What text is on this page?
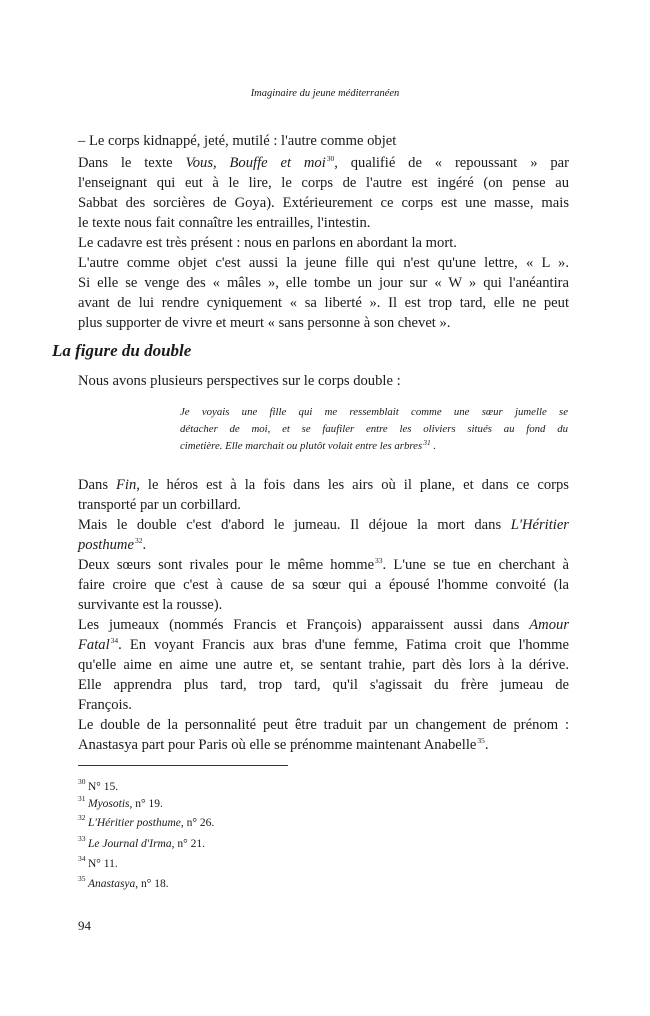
Imaginaire du jeune méditerranéen
– Le corps kidnappé, jeté, mutilé : l'autre comme objet
Dans le texte Vous, Bouffe et moi$^{30}$, qualifié de « repoussant » par
l'enseignant qui eut à le lire, le corps de l'autre est ingéré (on pense au
Sabbat des sorcières de Goya). Extérieurement ce corps est une masse, mais
le texte nous fait connaître les entrailles, l'intestin.
Le cadavre est très présent : nous en parlons en abordant la mort.
L'autre comme objet c'est aussi la jeune fille qui n'est qu'une lettre, « L ».
Si elle se venge des « mâles », elle tombe un jour sur « W » qui l'anéantira
avant de lui rendre cyniquement « sa liberté ». Il est trop tard, elle ne peut
plus supporter de vivre et meurt « sans personne à son chevet ».
La figure du double
Nous avons plusieurs perspectives sur le corps double :
Je voyais une fille qui me ressemblait comme une sœur jumelle se
détacher de moi, et se faufiler entre les oliviers situés au fond du
cimetière. Elle marchait ou plutôt volait entre les arbres$^{31}$ .
Dans Fin, le héros est à la fois dans les airs où il plane, et dans ce corps
transporté par un corbillard.
Mais le double c'est d'abord le jumeau. Il déjoue la mort dans L'Héritier
posthume$^{32}$.
Deux sœurs sont rivales pour le même homme$^{33}$. L'une se tue en cherchant à
faire croire que c'est à cause de sa sœur qui a épousé l'homme convoité (la
survivante est la rousse).
Les jumeaux (nommés Francis et François) apparaissent aussi dans Amour
Fatal$^{34}$. En voyant Francis aux bras d'une femme, Fatima croit que l'homme
qu'elle aime en aime une autre et, se sentant trahie, part dès lors à la dérive.
Elle apprendra plus tard, trop tard, qu'il s'agissait du frère jumeau de
François.
Le double de la personnalité peut être traduit par un changement de prénom :
Anastasya part pour Paris où elle se prénomme maintenant Anabelle$^{35}$.
30 N° 15.
31 Myosotis, n° 19.
32 L'Héritier posthume, n° 26.
33 Le Journal d'Irma, n° 21.
34 N° 11.
35 Anastasya, n° 18.
94
